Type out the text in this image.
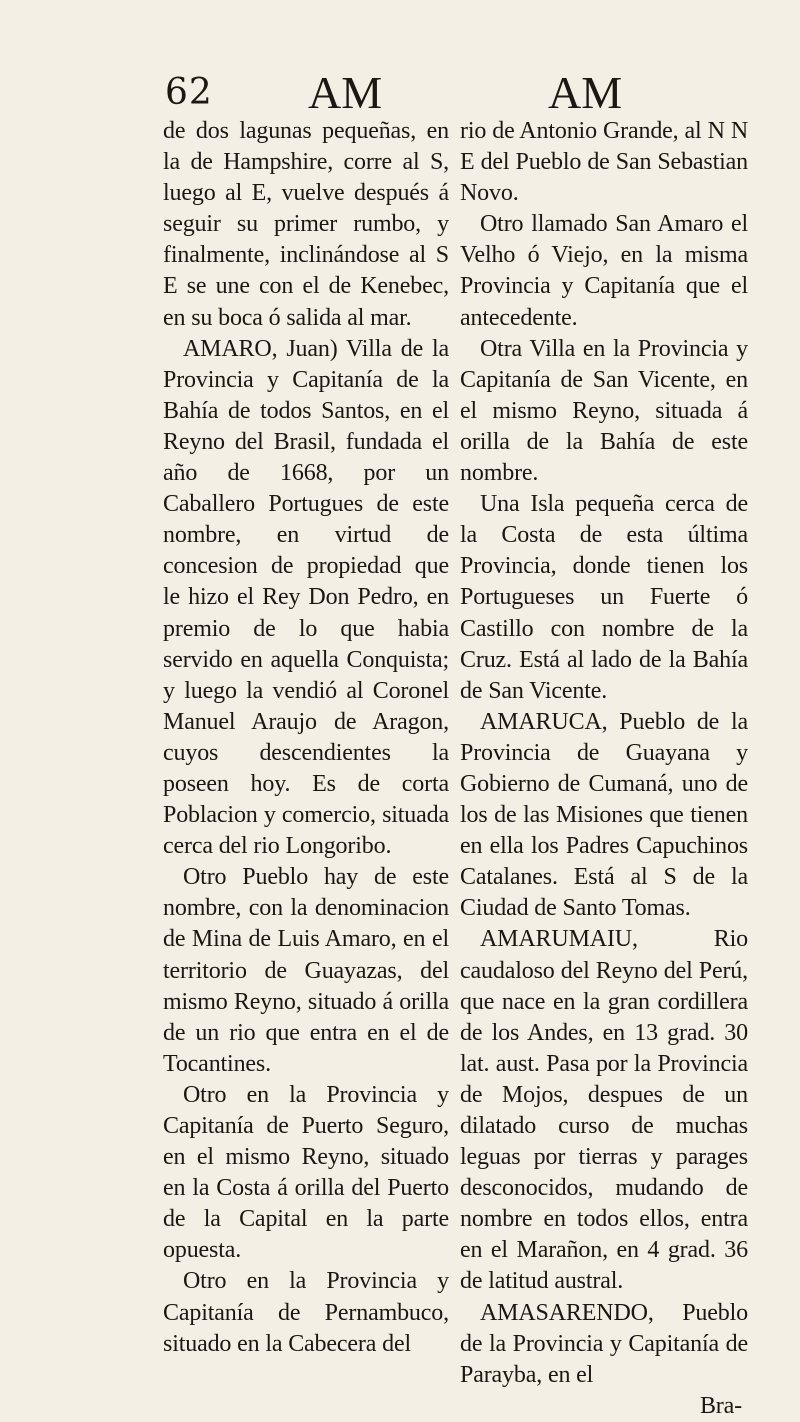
62 AM	AM

de dos lagunas pequeñas, en la de Hampshire, corre al S, luego al E, vuelve después á seguir su primer rumbo, y finalmente, inclinándose al S E se une con el de Kenebec, en su boca ó salida al mar.

AMARO, Juan) Villa de la Provincia y Capitanía de la Bahía de todos Santos, en el Reyno del Brasil, fundada el año de 1668, por un Caballero Portugues de este nombre, en virtud de concesion de propiedad que le hizo el Rey Don Pedro, en premio de lo que habia servido en aquella Conquista; y luego la vendió al Coronel Manuel Araujo de Aragon, cuyos descendientes la poseen hoy. Es de corta Poblacion y comercio, situada cerca del rio Longoribo.

Otro Pueblo hay de este nombre, con la denominacion de Mina de Luis Amaro, en el territorio de Guayazas, del mismo Reyno, situado á orilla de un rio que entra en el de Tocantines.

Otro en la Provincia y Capitanía de Puerto Seguro, en el mismo Reyno, situado en la Costa á orilla del Puerto de la Capital en la parte opuesta.

Otro en la Provincia y Capitanía de Pernambuco, situado en la Cabecera del

rio de Antonio Grande, al N N E del Pueblo de San Sebastian Novo.

Otro llamado San Amaro el Velho ó Viejo, en la misma Provincia y Capitanía que el antecedente.

Otra Villa en la Provincia y Capitanía de San Vicente, en el mismo Reyno, situada á orilla de la Bahía de este nombre.

Una Isla pequeña cerca de la Costa de esta última Provincia, donde tienen los Portugueses un Fuerte ó Castillo con nombre de la Cruz. Está al lado de la Bahía de San Vicente.

AMARUCA, Pueblo de la Provincia de Guayana y Gobierno de Cumaná, uno de los de las Misiones que tienen en ella los Padres Capuchinos Catalanes. Está al S de la Ciudad de Santo Tomas.

AMARUMAIU, Rio caudaloso del Reyno del Perú, que nace en la gran cordillera de los Andes, en 13 grad. 30 lat. aust. Pasa por la Provincia de Mojos, despues de un dilatado curso de muchas leguas por tierras y parages desconocidos, mudando de nombre en todos ellos, entra en el Marañon, en 4 grad. 36 de latitud austral.

AMASARENDO, Pueblo de la Provincia y Capitanía de Parayba, en el

Bra-
